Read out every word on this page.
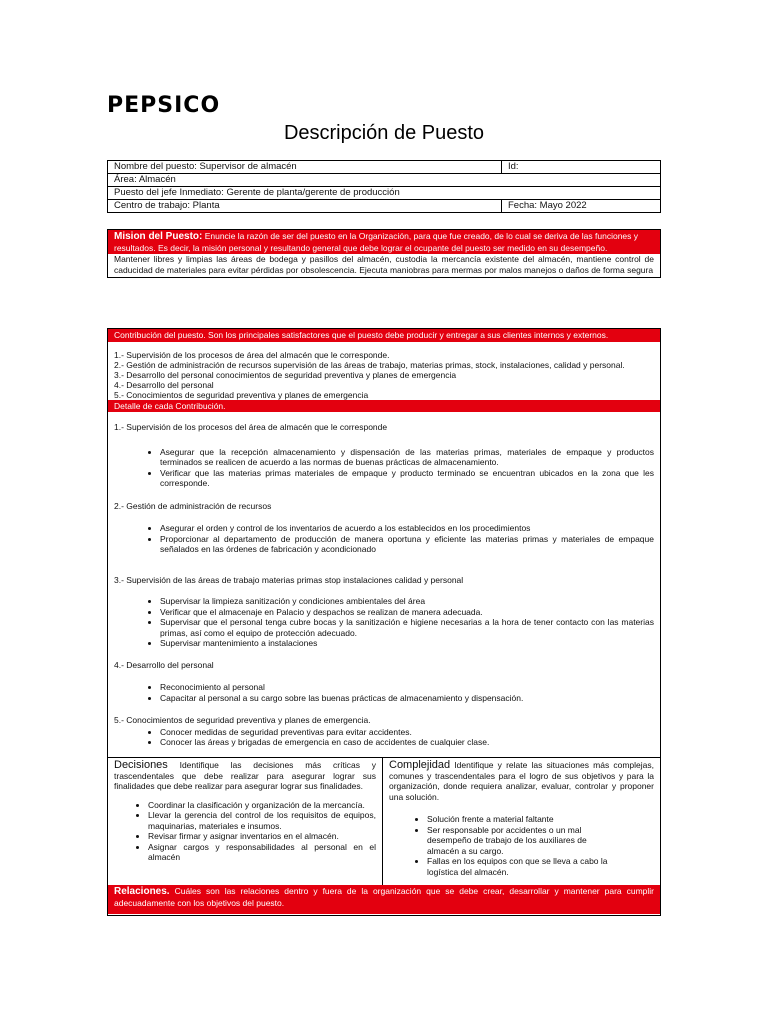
PEPSICO
Descripción de Puesto
Nombre del puesto: Supervisor de almacén	Id:
Área: Almacén	
Puesto del jefe Inmediato: Gerente de planta/gerente de producción	
Centro de trabajo: Planta	Fecha: Mayo 2022
Mision del Puesto: Enuncie la razón de ser del puesto en la Organización, para que fue creado, de lo cual se deriva de las funciones y resultados. Es decir, la misión personal y resultando general que debe lograr el ocupante del puesto ser medido en su desempeño.
Mantener libres y limpias las áreas de bodega y pasillos del almacén, custodia la mercancía existente del almacén, mantiene control de caducidad de materiales para evitar pérdidas por obsolescencia. Ejecuta maniobras para mermas por malos manejos o daños de forma segura
Contribución del puesto. Son los principales satisfactores que el puesto debe producir y entregar a sus clientes internos y externos.
1.- Supervisión de los procesos de área del almacén que le corresponde.
2.- Gestión de administración de recursos supervisión de las áreas de trabajo, materias primas, stock, instalaciones, calidad y personal.
3.- Desarrollo del personal conocimientos de seguridad preventiva y planes de emergencia
4.- Desarrollo del personal
5.- Conocimientos de seguridad preventiva y planes de emergencia
Detalle de cada Contribución.
1.- Supervisión de los procesos del área de almacén que le corresponde
• Asegurar que la recepción almacenamiento y dispensación de las materias primas, materiales de empaque y productos terminados se realicen de acuerdo a las normas de buenas prácticas de almacenamiento.
• Verificar que las materias primas materiales de empaque y producto terminado se encuentran ubicados en la zona que les corresponde.
2.- Gestión de administración de recursos
• Asegurar el orden y control de los inventarios de acuerdo a los establecidos en los procedimientos
• Proporcionar al departamento de producción de manera oportuna y eficiente las materias primas y materiales de empaque señalados en las órdenes de fabricación y acondicionado
3.- Supervisión de las áreas de trabajo materias primas stop instalaciones calidad y personal
• Supervisar la limpieza sanitización y condiciones ambientales del área
• Verificar que el almacenaje en Palacio y despachos se realizan de manera adecuada.
• Supervisar que el personal tenga cubre bocas y la sanitización e higiene necesarias a la hora de tener contacto con las materias primas, así como el equipo de protección adecuado.
• Supervisar mantenimiento a instalaciones
4.- Desarrollo del personal
• Reconocimiento al personal
• Capacitar al personal a su cargo sobre las buenas prácticas de almacenamiento y dispensación.
5.- Conocimientos de seguridad preventiva y planes de emergencia.
• Conocer medidas de seguridad preventivas para evitar accidentes.
• Conocer las áreas y brigadas de emergencia en caso de accidentes de cualquier clase.
Decisiones Identifique las decisiones más críticas y trascendentales que debe realizar para asegurar lograr sus finalidades que debe realizar para asegurar lograr sus finalidades.
• Coordinar la clasificación y organización de la mercancía.
• Llevar la gerencia del control de los requisitos de equipos, maquinarias, materiales e insumos.
• Revisar firmar y asignar inventarios en el almacén.
• Asignar cargos y responsabilidades al personal en el almacén
Complejidad Identifique y relate las situaciones más complejas, comunes y trascendentales para el logro de sus objetivos y para la organización, donde requiera analizar, evaluar, controlar y proponer una solución.
• Solución frente a material faltante
• Ser responsable por accidentes o un mal desempeño de trabajo de los auxiliares de almacén a su cargo.
• Fallas en los equipos con que se lleva a cabo la logística del almacén.
Relaciones. Cuáles son las relaciones dentro y fuera de la organización que se debe crear, desarrollar y mantener para cumplir adecuadamente con los objetivos del puesto.
